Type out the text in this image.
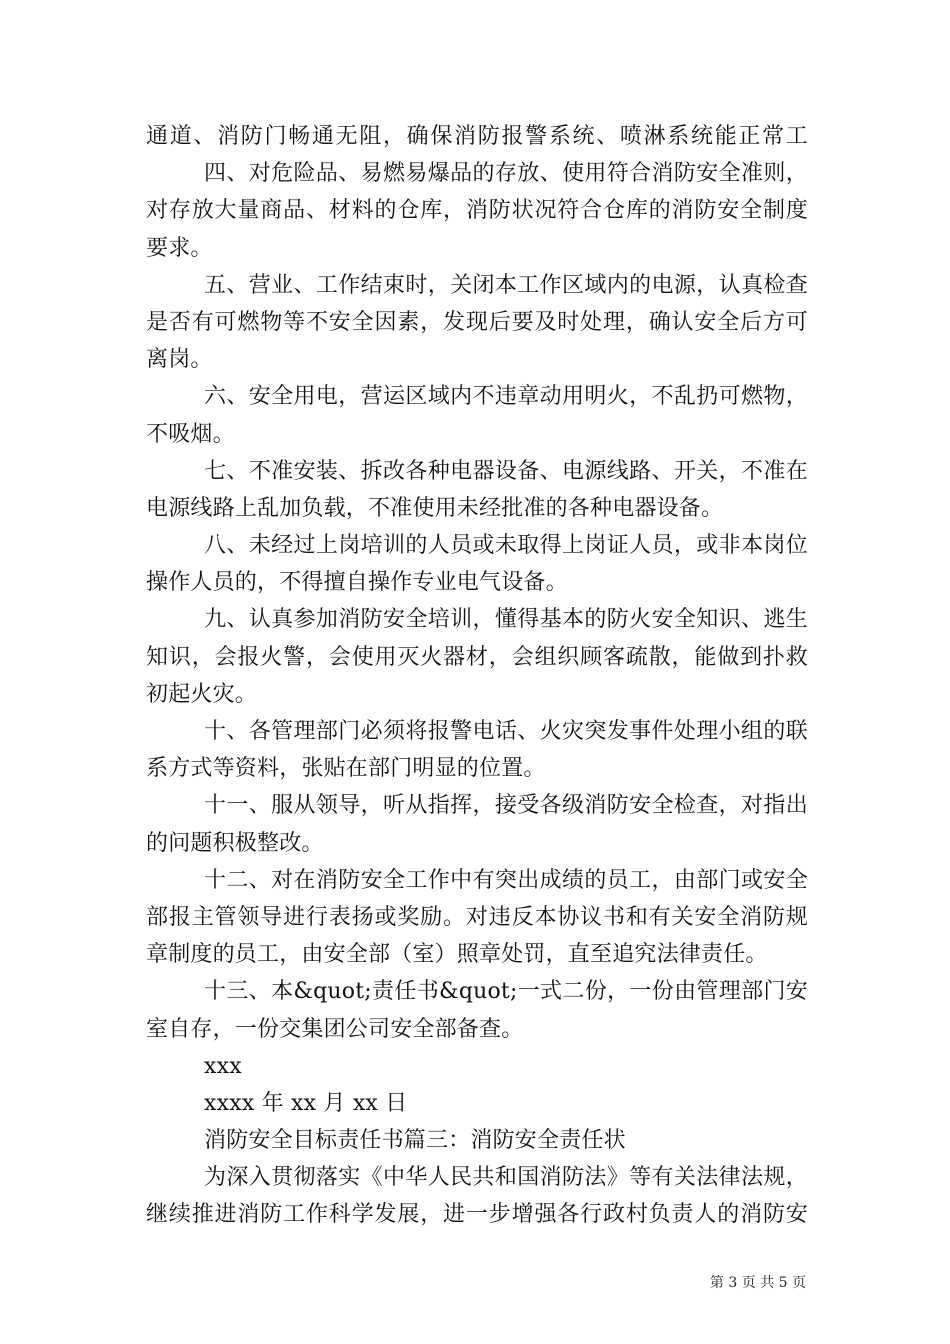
通道、消防门畅通无阻，确保消防报警系统、喷淋系统能正常工
四、对危险品、易燃易爆品的存放、使用符合消防安全准则，
对存放大量商品、材料的仓库，消防状况符合仓库的消防安全制度
要求。
五、营业、工作结束时，关闭本工作区域内的电源，认真检查
是否有可燃物等不安全因素，发现后要及时处理，确认安全后方可
离岗。
六、安全用电，营运区域内不违章动用明火，不乱扔可燃物，
不吸烟。
七、不准安装、拆改各种电器设备、电源线路、开关，不准在
电源线路上乱加负载，不准使用未经批准的各种电器设备。
八、未经过上岗培训的人员或未取得上岗证人员，或非本岗位
操作人员的，不得擅自操作专业电气设备。
九、认真参加消防安全培训，懂得基本的防火安全知识、逃生
知识，会报火警，会使用灭火器材，会组织顾客疏散，能做到扑救
初起火灾。
十、各管理部门必须将报警电话、火灾突发事件处理小组的联
系方式等资料，张贴在部门明显的位置。
十一、服从领导，听从指挥，接受各级消防安全检查，对指出
的问题积极整改。
十二、对在消防安全工作中有突出成绩的员工，由部门或安全
部报主管领导进行表扬或奖励。对违反本协议书和有关安全消防规
章制度的员工，由安全部（室）照章处罚，直至追究法律责任。
十三、本&quot;责任书&quot;一式二份，一份由管理部门安
室自存，一份交集团公司安全部备查。
xxx
xxxx 年 xx 月 xx 日
消防安全目标责任书篇三：消防安全责任状
为深入贯彻落实《中华人民共和国消防法》等有关法律法规，
继续推进消防工作科学发展，进一步增强各行政村负责人的消防安
第 3 页 共 5 页
